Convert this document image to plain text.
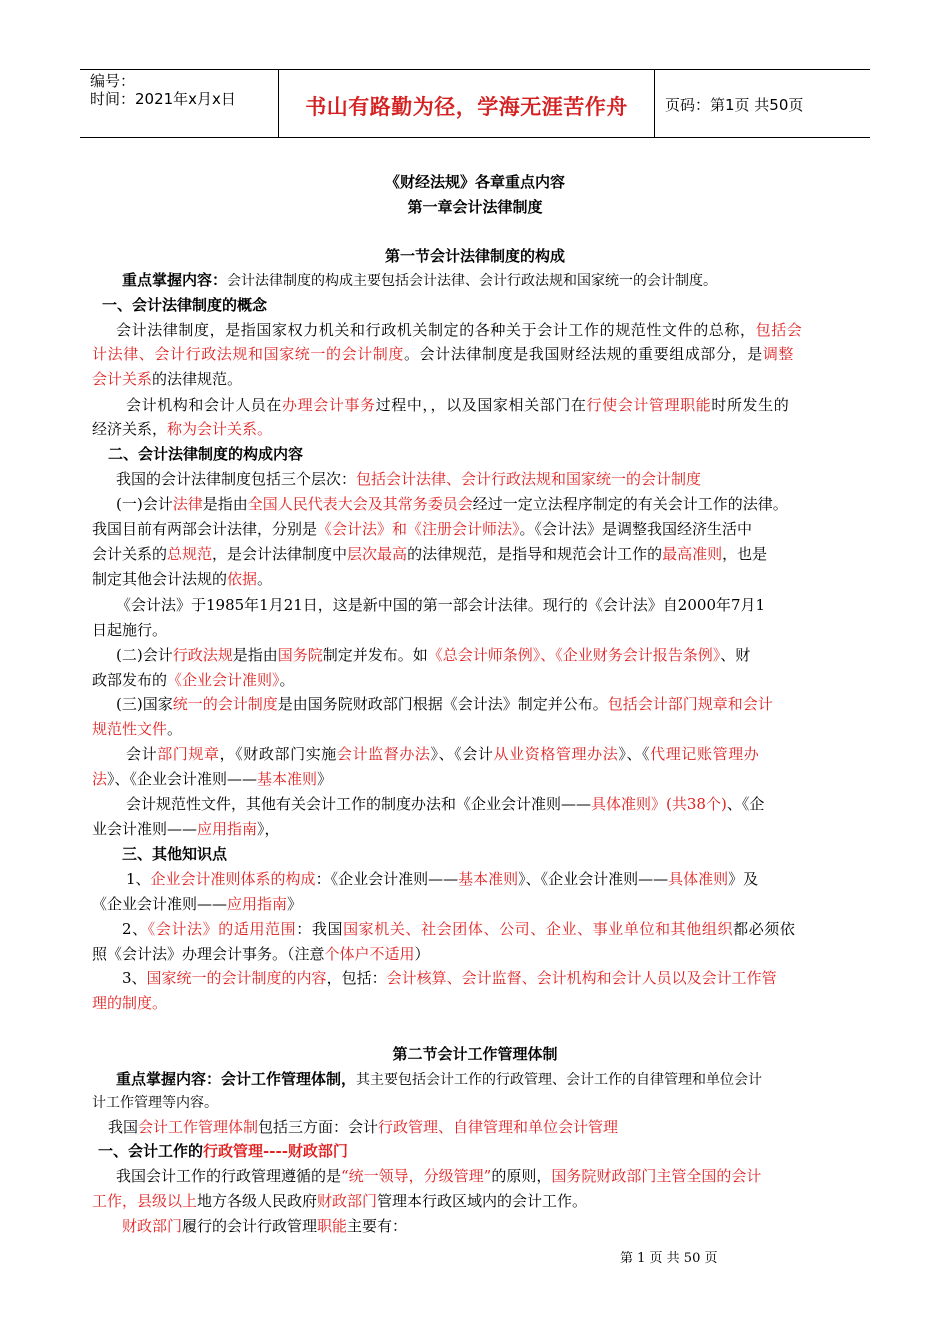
编号：
时间：2021年x月x日	书山有路勤为径，学海无涯苦作舟	页码：第1页 共50页
《财经法规》各章重点内容
第一章会计法律制度
第一节会计法律制度的构成
重点掌握内容：会计法律制度的构成主要包括会计法律、会计行政法规和国家统一的会计制度。
一、会计法律制度的概念
会计法律制度，是指国家权力机关和行政机关制定的各种关于会计工作的规范性文件的总称，包括会
计法律、会计行政法规和国家统一的会计制度。会计法律制度是我国财经法规的重要组成部分，是调整
会计关系的法律规范。
会计机构和会计人员在办理会计事务过程中，，以及国家相关部门在行使会计管理职能时所发生的
经济关系，称为会计关系。
二、会计法律制度的构成内容
我国的会计法律制度包括三个层次：包括会计法律、会计行政法规和国家统一的会计制度
(一)会计法律是指由全国人民代表大会及其常务委员会经过一定立法程序制定的有关会计工作的法律。
我国目前有两部会计法律，分别是《会计法》和《注册会计师法》。《会计法》是调整我国经济生活中
会计关系的总规范，是会计法律制度中层次最高的法律规范，是指导和规范会计工作的最高准则，也是
制定其他会计法规的依据。
《会计法》于1985年1月21日，这是新中国的第一部会计法律。现行的《会计法》自2000年7月1
日起施行。
(二)会计行政法规是指由国务院制定并发布。如《总会计师条例》、《企业财务会计报告条例》、财
政部发布的《企业会计准则》。
(三)国家统一的会计制度是由国务院财政部门根据《会计法》制定并公布。包括会计部门规章和会计
规范性文件。
会计部门规章，《财政部门实施会计监督办法》、《会计从业资格管理办法》、《代理记账管理办
法》、《企业会计准则——基本准则》
会计规范性文件，其他有关会计工作的制度办法和《企业会计准则——具体准则》(共38个)、《企
业会计准则——应用指南》，
三、其他知识点
1、企业会计准则体系的构成：《企业会计准则——基本准则》、《企业会计准则——具体准则》及
《企业会计准则——应用指南》
2、《会计法》的适用范围：我国国家机关、社会团体、公司、企业、事业单位和其他组织都必须依
照《会计法》办理会计事务。（注意个体户不适用）
3、国家统一的会计制度的内容，包括：会计核算、会计监督、会计机构和会计人员以及会计工作管
理的制度。
第二节会计工作管理体制
重点掌握内容：会计工作管理体制，其主要包括会计工作的行政管理、会计工作的自律管理和单位会计
计工作管理等内容。
我国会计工作管理体制包括三方面：会计行政管理、自律管理和单位会计管理
一、会计工作的行政管理----财政部门
我国会计工作的行政管理遵循的是“统一领导，分级管理”的原则，国务院财政部门主管全国的会计
工作，县级以上地方各级人民政府财政部门管理本行政区域内的会计工作。
财政部门履行的会计行政管理职能主要有：
第 1 页 共 50 页
